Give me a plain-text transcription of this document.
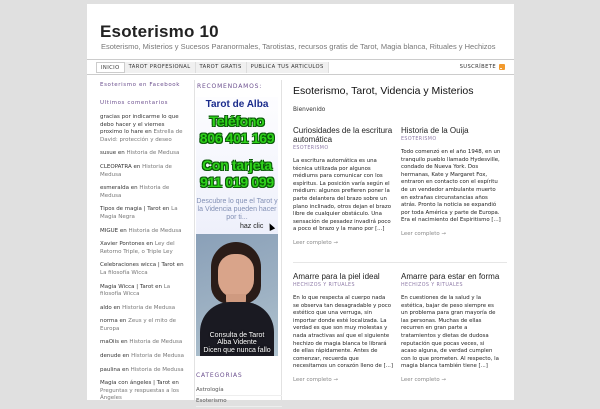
Esoterismo 10
Esoterismo, Misterios y Sucesos Paranormales, Tarotistas, recursos gratis de Tarot, Magia blanca, Rituales y Hechizos
INICIO	TAROT PROFESIONAL	TAROT GRATIS	PUBLICA TUS ARTICULOS	SUSCRÍBETE
Esoterismo en Facebook
Ultimos comentarios
gracias por indicarme lo que debo hacer y el viernes proximo lo hare en Estrella de David: protección y deseo
susue en Historia de Medusa
CLEOPATRA en Historia de Medusa
esmeralda en Historia de Medusa
Tipos de magia | Tarot en La Magia Negra
MIGUE en Historia de Medusa
Xavier Pontones en Ley del Retorno Triple, o Triple Ley
Celebraciones wicca | Tarot en La filosofía Wicca
Magia Wicca | Tarot en La filosofía Wicca
aldo en Historia de Medusa
norma en Zeus y el mito de Europa
maOiis en Historia de Medusa
denude en Historia de Medusa
paulina en Historia de Medusa
Magia con ángeles | Tarot en Preguntas y respuestas a los Ángeles
RECOMENDAMOS:
Tarot de Alba
Teléfono
806 401 169
Con tarjeta
911 019 099
Descubre lo que el Tarot y la Videncia pueden hacer por ti...
haz clic
Consulta de Tarot
Alba Vidente
Dicen que nunca fallo
CATEGORIAS
Astrología
Esoterismo
Esoterismo, Tarot, Videncia y Misterios
Bienvenido
Curiosidades de la escritura automática
ESOTERISMO
La escritura automática es una técnica utilizada por algunos médiums para comunicar con los espíritus. La posición varía según el médium: algunos prefieren poner la parte delantera del brazo sobre un plano inclinado, otros dejan el brazo libre de cualquier obstáculo. Una sensación de pesadez invadirá poco a poco el brazo y la mano por [...]
Leer completo →
Historia de la Ouija
ESOTERISMO
Todo comenzó en el año 1948, en un tranquilo pueblo llamado Hydesville, condado de Nueva York. Dos hermanas, Kate y Margaret Fox, entraron en contacto con el espíritu de un vendedor ambulante muerto en extrañas circunstancias años atrás. Pronto la noticia se expandió por toda América y parte de Europa. Era el nacimiento del Espiritismo [...]
Leer completo →
Amarre para la piel ideal
HECHIZOS Y RITUALES
En lo que respecta al cuerpo nada se observa tan desagradable y poco estético que una verruga, sin importar donde esté localizada. La verdad es que son muy molestas y nada atractivas así que el siguiente hechizo de magia blanca te librará de ellas rápidamente. Antes de comenzar, recuerda que necesitamos un corazón lleno de [...]
Leer completo →
Amarre para estar en forma
HECHIZOS Y RITUALES
En cuestiones de la salud y la estética, bajar de peso siempre es un problema para gran mayoría de las personas. Muchas de ellas recurren en gran parte a tratamientos y dietas de dudosa reputación que pocas veces, si acaso alguna, de verdad cumplen con lo que prometen. Al respecto, la magia blanca también tiene [...]
Leer completo →
